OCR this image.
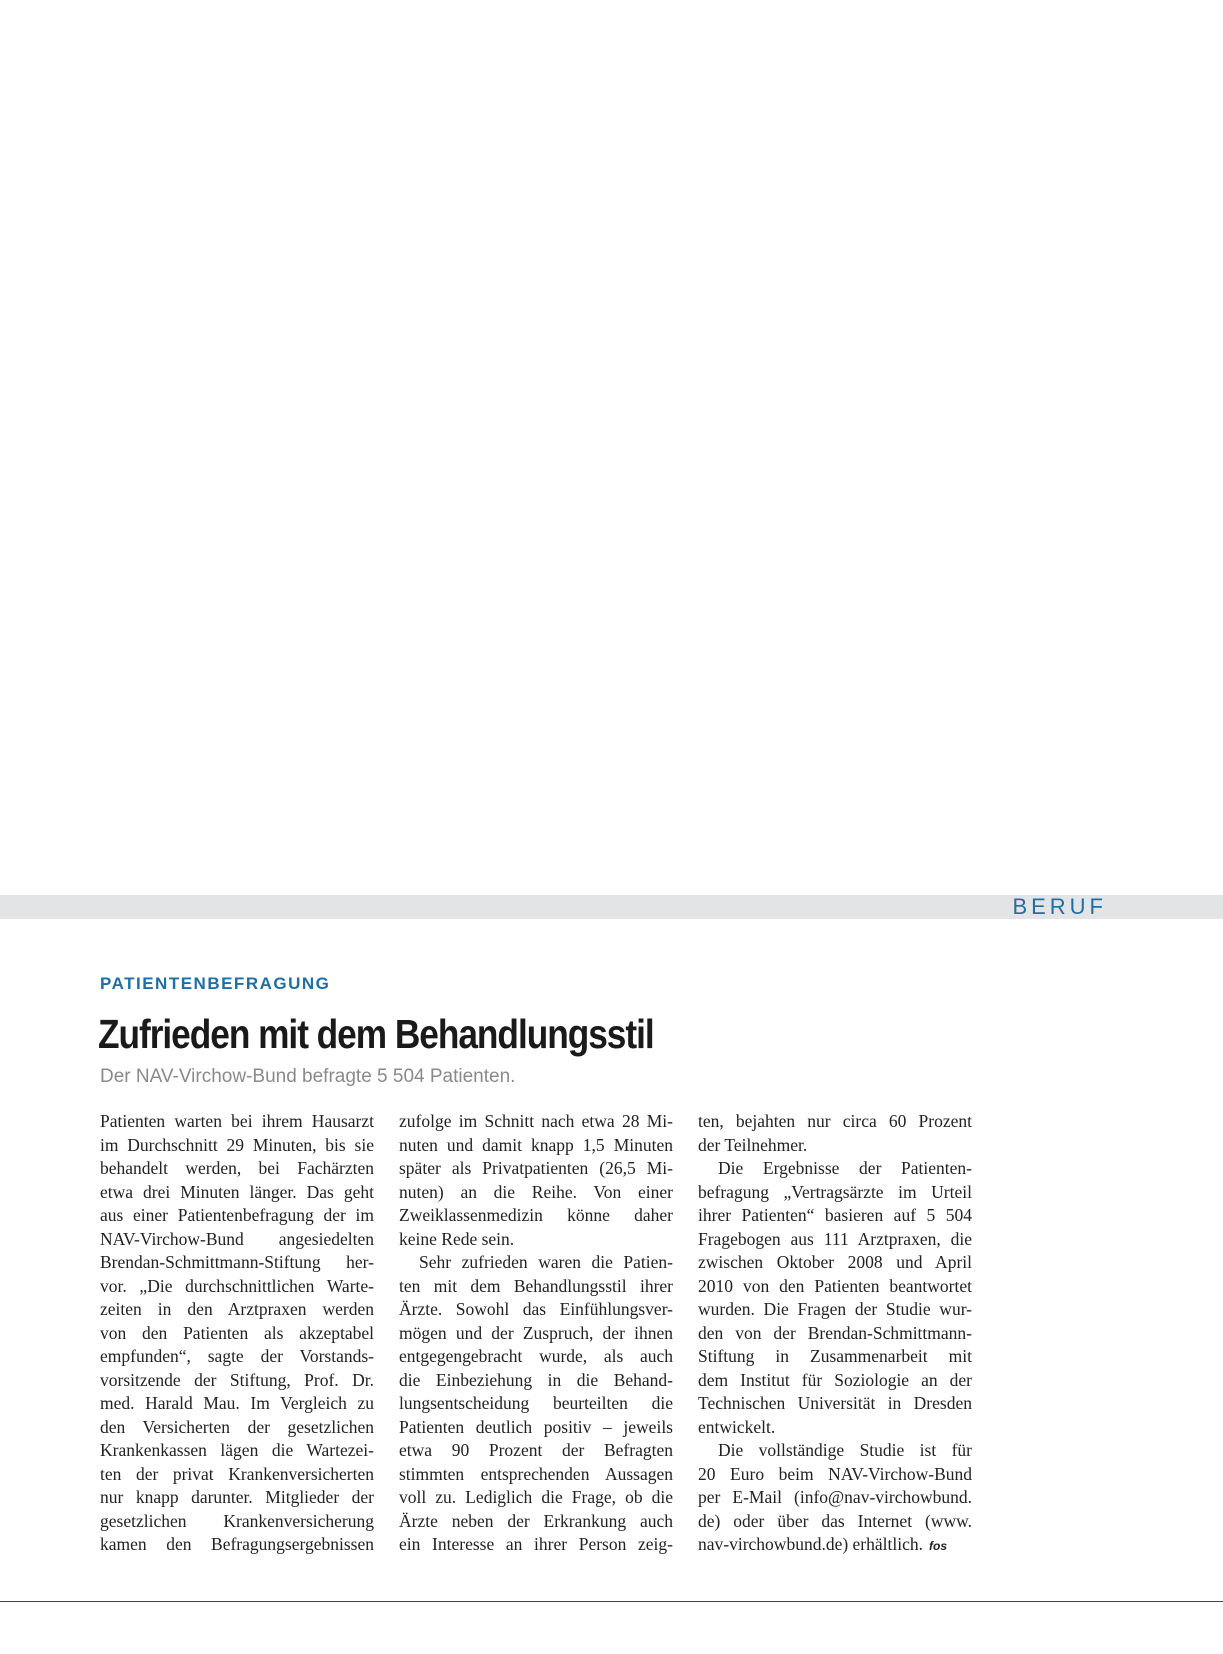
BERUF
PATIENTENBEFRAGUNG
Zufrieden mit dem Behandlungsstil
Der NAV-Virchow-Bund befragte 5 504 Patienten.
Patienten warten bei ihrem Hausarzt
im Durchschnitt 29 Minuten, bis sie
behandelt werden, bei Fachärzten
etwa drei Minuten länger. Das geht
aus einer Patientenbefragung der im
NAV-Virchow-Bund angesiedelten
Brendan-Schmittmann-Stiftung her-
vor. „Die durchschnittlichen Warte-
zeiten in den Arztpraxen werden
von den Patienten als akzeptabel
empfunden“, sagte der Vorstands-
vorsitzende der Stiftung, Prof. Dr.
med. Harald Mau. Im Vergleich zu
den Versicherten der gesetzlichen
Krankenkassen lägen die Wartezei-
ten der privat Krankenversicherten
nur knapp darunter. Mitglieder der
gesetzlichen Krankenversicherung
kamen den Befragungsergebnissen
zufolge im Schnitt nach etwa 28 Mi-
nuten und damit knapp 1,5 Minuten
später als Privatpatienten (26,5 Mi-
nuten) an die Reihe. Von einer
Zweiklassenmedizin könne daher
keine Rede sein.
Sehr zufrieden waren die Patien-
ten mit dem Behandlungsstil ihrer
Ärzte. Sowohl das Einfühlungsver-
mögen und der Zuspruch, der ihnen
entgegengebracht wurde, als auch
die Einbeziehung in die Behand-
lungsentscheidung beurteilten die
Patienten deutlich positiv – jeweils
etwa 90 Prozent der Befragten
stimmten entsprechenden Aussagen
voll zu. Lediglich die Frage, ob die
Ärzte neben der Erkrankung auch
ein Interesse an ihrer Person zeig-
ten, bejahten nur circa 60 Prozent
der Teilnehmer.
Die Ergebnisse der Patienten-
befragung „Vertragsärzte im Urteil
ihrer Patienten“ basieren auf 5 504
Fragebogen aus 111 Arztpraxen, die
zwischen Oktober 2008 und April
2010 von den Patienten beantwortet
wurden. Die Fragen der Studie wur-
den von der Brendan-Schmittmann-
Stiftung in Zusammenarbeit mit
dem Institut für Soziologie an der
Technischen Universität in Dresden
entwickelt.
Die vollständige Studie ist für
20 Euro beim NAV-Virchow-Bund
per E-Mail (info@nav-virchowbund.
de) oder über das Internet (www.
nav-virchowbund.de) erhältlich. fos
